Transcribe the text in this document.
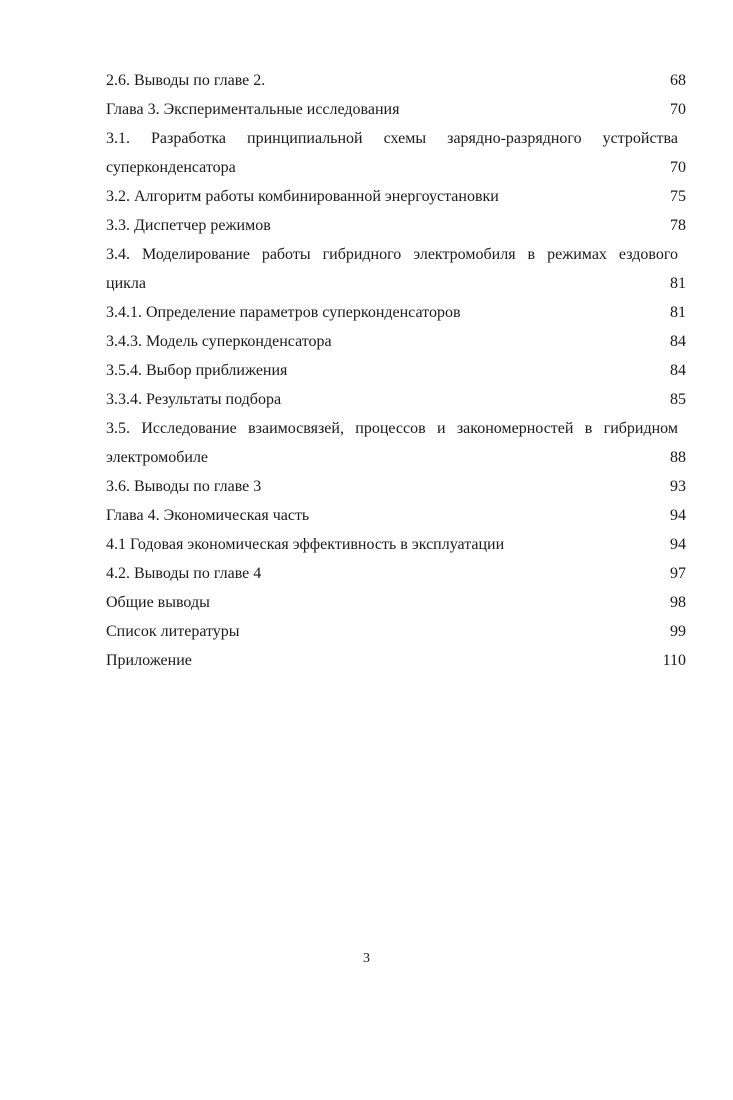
2.6. Выводы по главе 2.	68
Глава 3. Экспериментальные исследования	70
3.1. Разработка принципиальной схемы зарядно-разрядного устройства
суперконденсатора	70
3.2. Алгоритм работы комбинированной энергоустановки	75
3.3. Диспетчер режимов	78
3.4. Моделирование работы гибридного электромобиля в режимах ездового
цикла	81
3.4.1. Определение параметров суперконденсаторов	81
3.4.3. Модель суперконденсатора	84
3.5.4. Выбор приближения	84
3.3.4. Результаты подбора	85
3.5. Исследование взаимосвязей, процессов и закономерностей в гибридном
электромобиле	88
3.6. Выводы по главе 3	93
Глава 4. Экономическая часть	94
4.1 Годовая экономическая эффективность в эксплуатации	94
4.2. Выводы по главе 4	97
Общие выводы	98
Список литературы	99
Приложение	110
3
